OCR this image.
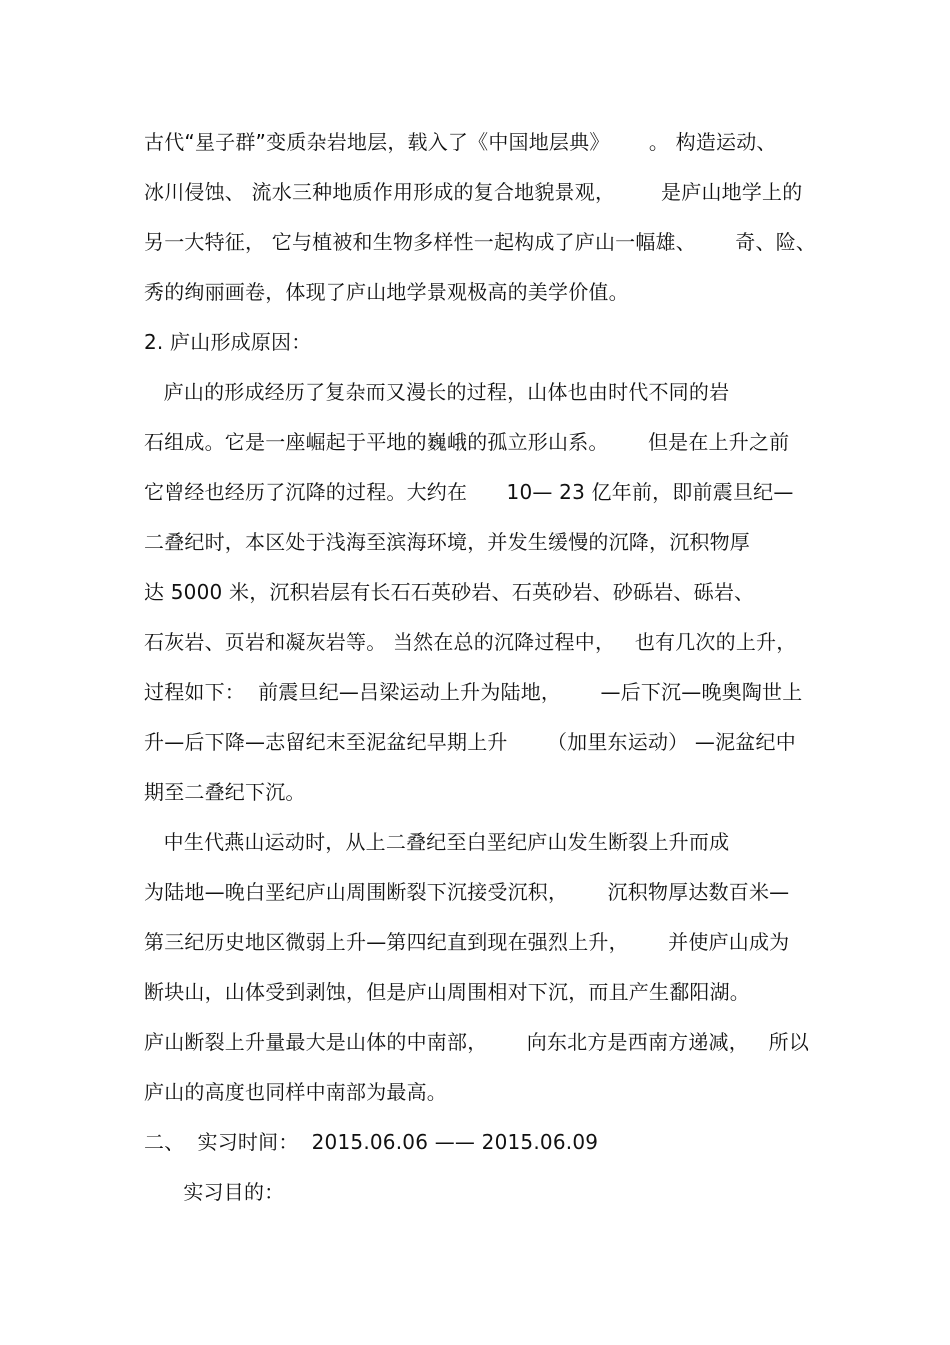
古代“星子群”变质杂岩地层，载入了《中国地层典》      。 构造运动、
冰川侵蚀、 流水三种地质作用形成的复合地貌景观，       是庐山地学上的
另一大特征， 它与植被和生物多样性一起构成了庐山一幅雄、      奇、险、
秀的绚丽画卷，体现了庐山地学景观极高的美学价值。
2. 庐山形成原因：
庐山的形成经历了复杂而又漫长的过程，山体也由时代不同的岩
石组成。它是一座崛起于平地的巍峨的孤立形山系。      但是在上升之前
它曾经也经历了沉降的过程。大约在      10— 23 亿年前，即前震旦纪—
二叠纪时，本区处于浅海至滨海环境，并发生缓慢的沉降，沉积物厚
达 5000 米，沉积岩层有长石石英砂岩、石英砂岩、砂砾岩、砾岩、
石灰岩、页岩和凝灰岩等。 当然在总的沉降过程中，   也有几次的上升，
过程如下：  前震旦纪—吕梁运动上升为陆地，      —后下沉—晚奥陶世上
升—后下降—志留纪末至泥盆纪早期上升      （加里东运动） —泥盆纪中
期至二叠纪下沉。
中生代燕山运动时，从上二叠纪至白垩纪庐山发生断裂上升而成
为陆地—晚白垩纪庐山周围断裂下沉接受沉积，      沉积物厚达数百米—
第三纪历史地区微弱上升—第四纪直到现在强烈上升，      并使庐山成为
断块山，山体受到剥蚀，但是庐山周围相对下沉，而且产生鄱阳湖。
庐山断裂上升量最大是山体的中南部，      向东北方是西南方递减，   所以
庐山的高度也同样中南部为最高。
二、  实习时间：  2015.06.06 —— 2015.06.09
实习目的：
